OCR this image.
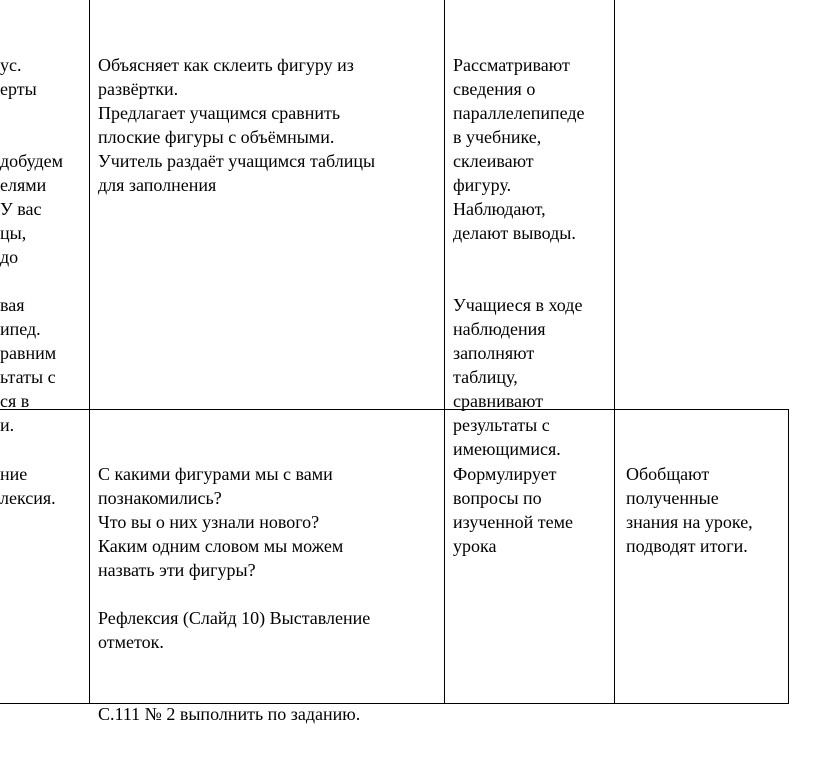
ус.
ерты

добудем
елями
У вас
цы,
до

вая
ипед.
равним
ьтаты с
ся в
и.

Объясняет как склеить фигуру из
развёртки.
Предлагает учащимся сравнить
плоские фигуры с объёмными.
Учитель раздаёт учащимся таблицы
для заполнения

Рассматривают
сведения о
параллелепипеде
в учебнике,
склеивают
фигуру.
Наблюдают,
делают выводы.

Учащиеся в ходе
наблюдения
заполняют
таблицу,
сравнивают
результаты с
имеющимися.

ние
лексия.

С какими фигурами мы с вами
познакомились?
Что вы о них узнали нового?
Каким одним словом мы можем
назвать эти фигуры?

Рефлексия (Слайд 10) Выставление
отметок.

С.111 № 2 выполнить по заданию.

Формулирует
вопросы по
изученной теме
урока

Обобщают
полученные
знания на уроке,
подводят итоги.
